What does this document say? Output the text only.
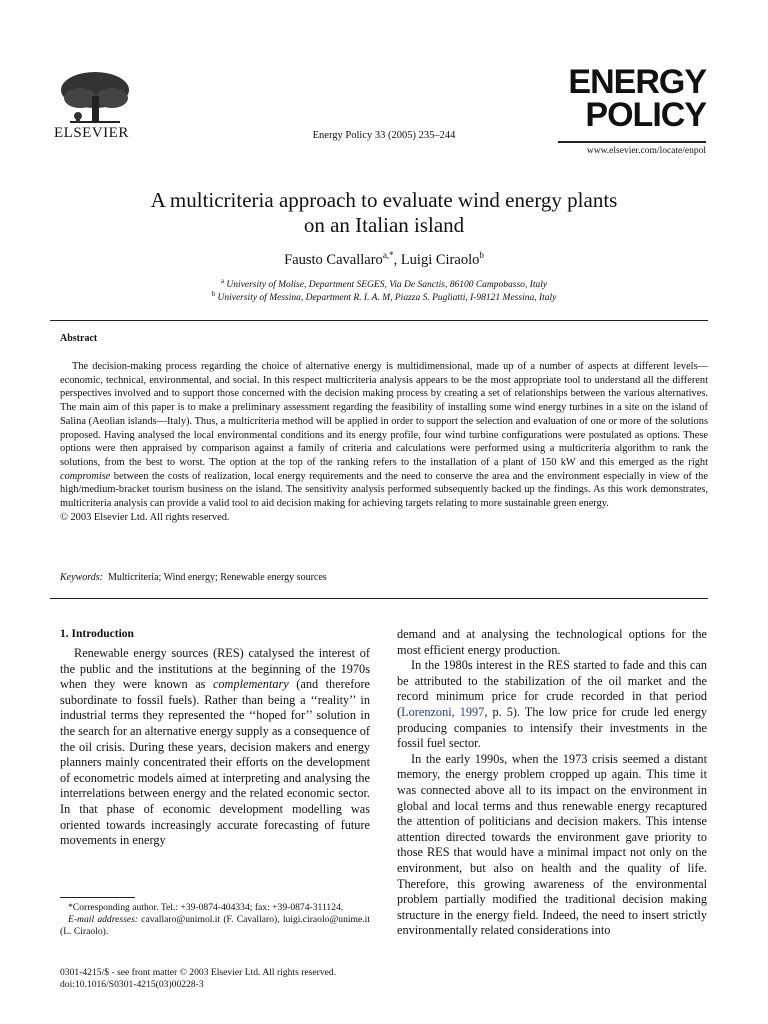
ELSEVIER	Energy Policy 33 (2005) 235–244
ENERGY
POLICY
www.elsevier.com/locate/enpol
A multicriteria approach to evaluate wind energy plants
on an Italian island
Fausto Cavallaro$^{a,*}$, Luigi Ciraolo$^b$
$^a$ University of Molise, Department SEGES, Via De Sanctis, 86100 Campobasso, Italy
$^b$ University of Messina, Department R. I. A. M, Piazza S. Pugliatti, I-98121 Messina, Italy
Abstract

The decision-making process regarding the choice of alternative energy is multidimensional, made up of a number of aspects at different levels—economic, technical, environmental, and social. In this respect multicriteria analysis appears to be the most appropriate tool to understand all the different perspectives involved and to support those concerned with the decision making process by creating a set of relationships between the various alternatives. The main aim of this paper is to make a preliminary assessment regarding the feasibility of installing some wind energy turbines in a site on the island of Salina (Aeolian islands—Italy). Thus, a multicriteria method will be applied in order to support the selection and evaluation of one or more of the solutions proposed. Having analysed the local environmental conditions and its energy profile, four wind turbine configurations were postulated as options. These options were then appraised by comparison against a family of criteria and calculations were performed using a multicriteria algorithm to rank the solutions, from the best to worst. The option at the top of the ranking refers to the installation of a plant of 150 kW and this emerged as the right compromise between the costs of realization, local energy requirements and the need to conserve the area and the environment especially in view of the high/medium-bracket tourism business on the island. The sensitivity analysis performed subsequently backed up the findings. As this work demonstrates, multicriteria analysis can provide a valid tool to aid decision making for achieving targets relating to more sustainable green energy.

© 2003 Elsevier Ltd. All rights reserved.

Keywords: Multicriteria; Wind energy; Renewable energy sources
1. Introduction

Renewable energy sources (RES) catalysed the interest of the public and the institutions at the beginning of the 1970s when they were known as complementary (and therefore subordinate to fossil fuels). Rather than being a ‘‘reality’’ in industrial terms they represented the ‘‘hoped for’’ solution in the search for an alternative energy supply as a consequence of the oil crisis. During these years, decision makers and energy planners mainly concentrated their efforts on the development of econometric models aimed at interpreting and analysing the interrelations between energy and the related economic sector. In that phase of economic development modelling was oriented towards increasingly accurate forecasting of future movements in energy

demand and at analysing the technological options for the most efficient energy production.

In the 1980s interest in the RES started to fade and this can be attributed to the stabilization of the oil market and the record minimum price for crude recorded in that period (Lorenzoni, 1997, p. 5). The low price for crude led energy producing companies to intensify their investments in the fossil fuel sector.

In the early 1990s, when the 1973 crisis seemed a distant memory, the energy problem cropped up again. This time it was connected above all to its impact on the environment in global and local terms and thus renewable energy recaptured the attention of politicians and decision makers. This intense attention directed towards the environment gave priority to those RES that would have a minimal impact not only on the environment, but also on health and the quality of life. Therefore, this growing awareness of the environmental problem partially modified the traditional decision making structure in the energy field. Indeed, the need to insert strictly environmentally related considerations into

*Corresponding author. Tel.: +39-0874-404334; fax: +39-0874-311124.

E-mail addresses: cavallaro@unimol.it (F. Cavallaro), luigi.ciraolo@unime.it (L. Ciraolo).

0301-4215/$ - see front matter © 2003 Elsevier Ltd. All rights reserved.
doi:10.1016/S0301-4215(03)00228-3
